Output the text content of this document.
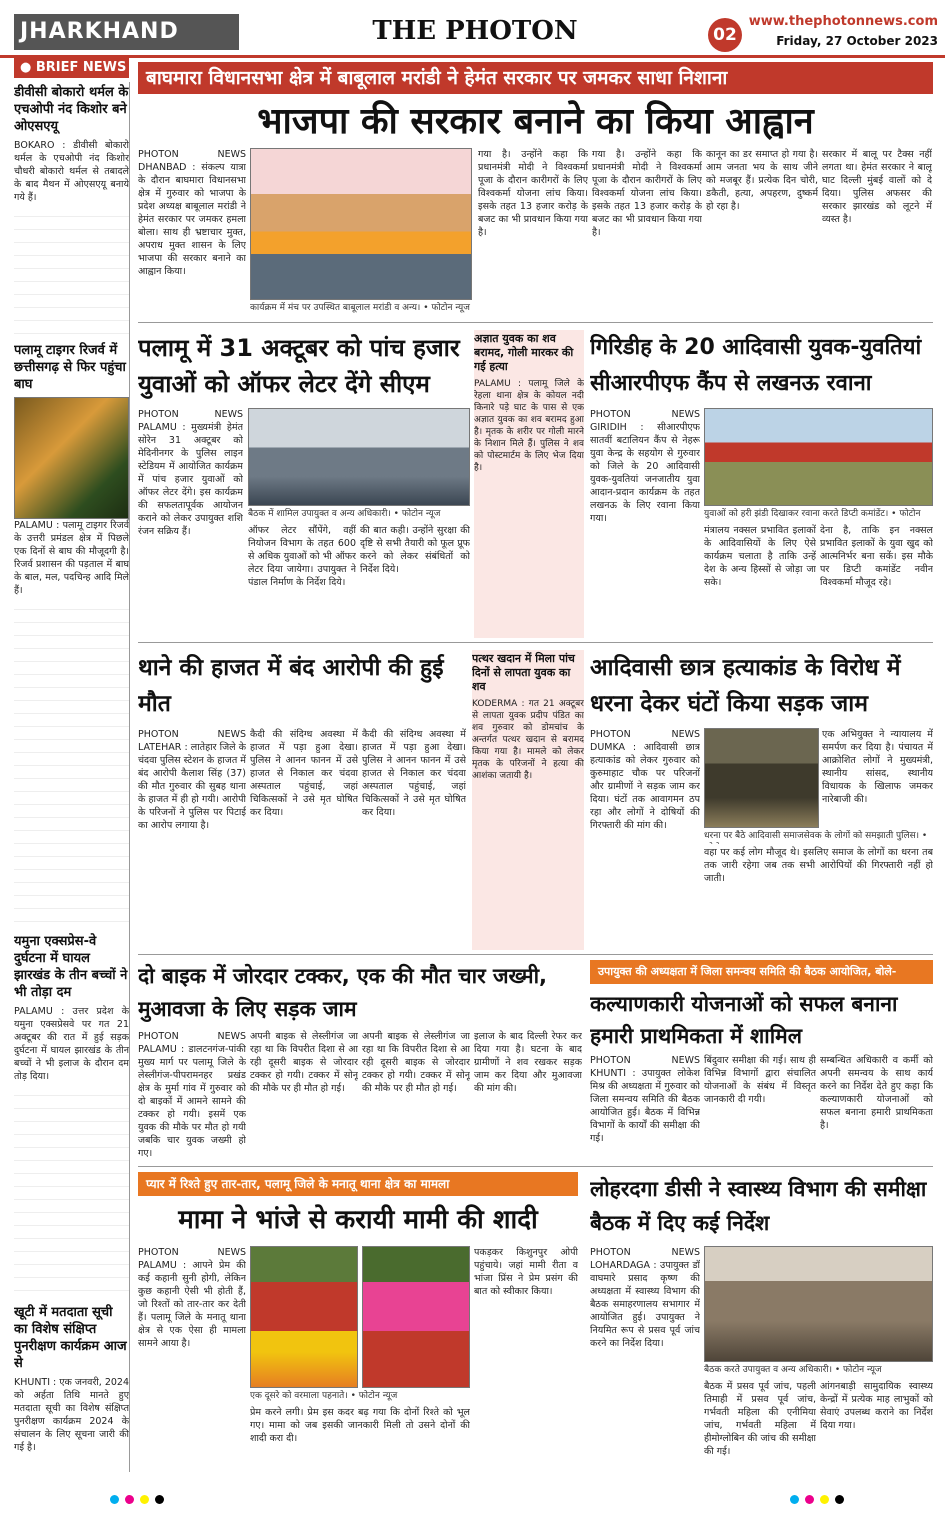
JHARKHAND	THE PHOTON	02
www.thephotonnews.com
Friday, 27 October 2023
● BRIEF NEWS
डीवीसी बोकारो थर्मल के एचओपी नंद किशोर बने ओएसएयू
BOKARO : डीवीसी बोकारो थर्मल के एचओपी नंद किशोर चौधरी बोकारो थर्मल से तबादले के बाद मैथन में ओएसएयू बनाये गये हैं।
पलामू टाइगर रिजर्व में छत्तीसगढ़ से फिर पहुंचा बाघ
PALAMU : पलामू टाइगर रिजर्व के उत्तरी प्रमंडल क्षेत्र में पिछले एक दिनों से बाघ की मौजूदगी है। रिजर्व प्रशासन की पड़ताल में बाघ के बाल, मल, पदचिन्ह आदि मिले हैं।
यमुना एक्सप्रेस-वे दुर्घटना में घायल झारखंड के तीन बच्चों ने भी तोड़ा दम
PALAMU : उत्तर प्रदेश के यमुना एक्सप्रेसवे पर गत 21 अक्टूबर की रात में हुई सड़क दुर्घटना में घायल झारखंड के तीन बच्चों ने भी इलाज के दौरान दम तोड़ दिया।
खूटी में मतदाता सूची का विशेष संक्षिप्त पुनरीक्षण कार्यक्रम आज से
KHUNTI : एक जनवरी, 2024 को अर्हता तिथि मानते हुए मतदाता सूची का विशेष संक्षिप्त पुनरीक्षण कार्यक्रम 2024 के संचालन के लिए सूचना जारी की गई है।
बाघमारा विधानसभा क्षेत्र में बाबूलाल मरांडी ने हेमंत सरकार पर जमकर साधा निशाना
भाजपा की सरकार बनाने का किया आह्वान
PHOTON NEWS DHANBAD : संकल्प यात्रा के दौरान बाघमारा विधानसभा क्षेत्र में गुरुवार को भाजपा के प्रदेश अध्यक्ष बाबूलाल मरांडी ने हेमंत सरकार पर जमकर हमला बोला। साथ ही भ्रष्टाचार मुक्त, अपराध मुक्त शासन के लिए भाजपा की सरकार बनाने का आह्वान किया।
कार्यक्रम में मंच पर उपस्थित बाबूलाल मरांडी व अन्य। • फोटोन न्यूज
गया है। उन्होंने कहा कि प्रधानमंत्री मोदी ने विश्वकर्मा पूजा के दौरान कारीगरों के लिए विश्वकर्मा योजना लांच किया। इसके तहत 13 हजार करोड़ के बजट का भी प्रावधान किया गया है।
गया है। उन्होंने कहा कि प्रधानमंत्री मोदी ने विश्वकर्मा पूजा के दौरान कारीगरों के लिए विश्वकर्मा योजना लांच किया। इसके तहत 13 हजार करोड़ के बजट का भी प्रावधान किया गया है।
कानून का डर समाप्त हो गया है। आम जनता भय के साथ जीने को मजबूर हैं। प्रत्येक दिन चोरी, डकैती, हत्या, अपहरण, दुष्कर्म हो रहा है।
सरकार में बालू पर टैक्स नहीं लगता था। हेमंत सरकार ने बालू घाट दिल्ली मुंबई वालों को दे दिया। पुलिस अफसर की सरकार झारखंड को लूटने में व्यस्त है।
पलामू में 31 अक्टूबर को पांच हजार युवाओं को ऑफर लेटर देंगे सीएम
PHOTON NEWS PALAMU : मुख्यमंत्री हेमंत सोरेन 31 अक्टूबर को मेदिनीनगर के पुलिस लाइन स्टेडियम में आयोजित कार्यक्रम में पांच हजार युवाओं को ऑफर लेटर देंगे। इस कार्यक्रम की सफलतापूर्वक आयोजन कराने को लेकर उपायुक्त शशि रंजन सक्रिय हैं।
बैठक में शामिल उपायुक्त व अन्य अधिकारी। • फोटोन न्यूज
ऑफर लेटर सौंपेंगे, वहीं नियोजन विभाग के तहत 600 से अधिक युवाओं को भी ऑफर लेटर दिया जायेगा। उपायुक्त ने पंडाल निर्माण के निर्देश दिये।
की बात कही। उन्होंने सुरक्षा की दृष्टि से सभी तैयारी को फूल प्रूफ करने को लेकर संबंधितों को निर्देश दिये।
अज्ञात युवक का शव बरामद, गोली मारकर की गई हत्या
PALAMU : पलामू जिले के रेहला थाना क्षेत्र के कोयल नदी किनारे पड़े घाट के पास से एक अज्ञात युवक का शव बरामद हुआ है। मृतक के शरीर पर गोली मारने के निशान मिले हैं। पुलिस ने शव को पोस्टमार्टम के लिए भेज दिया है।
गिरिडीह के 20 आदिवासी युवक-युवतियां सीआरपीएफ कैंप से लखनऊ रवाना
PHOTON NEWS GIRIDIH : सीआरपीएफ सातवीं बटालियन कैंप से नेहरू युवा केन्द्र के सहयोग से गुरुवार को जिले के 20 आदिवासी युवक-युवतियां जनजातीय युवा आदान-प्रदान कार्यक्रम के तहत लखनऊ के लिए रवाना किया गया।	युवाओं को हरी झंडी दिखाकर रवाना करते डिप्टी कमांडेंट। • फोटोन
मंत्रालय नक्सल प्रभावित इलाकों के आदिवासियों के लिए ऐसे कार्यक्रम चलाता है ताकि उन्हें देश के अन्य हिस्सों से जोड़ा जा सके।
देना है, ताकि इन नक्सल प्रभावित इलाकों के युवा खुद को आत्मनिर्भर बना सकें। इस मौके पर डिप्टी कमांडेंट नवीन विश्वकर्मा मौजूद रहे।
थाने की हाजत में बंद आरोपी की हुई मौत
PHOTON NEWS LATEHAR : लातेहार जिले के चंदवा पुलिस स्टेशन के हाजत में बंद आरोपी कैलाश सिंह (37) की मौत गुरुवार की सुबह थाना के हाजत में ही हो गयी। आरोपी के परिजनों ने पुलिस पर पिटाई का आरोप लगाया है।
कैदी की संदिग्ध अवस्था में हाजत में पड़ा हुआ देखा। पुलिस ने आनन फानन में उसे हाजत से निकाल कर चंदवा अस्पताल पहुंचाई, जहां चिकित्सकों ने उसे मृत घोषित कर दिया।
कैदी की संदिग्ध अवस्था में हाजत में पड़ा हुआ देखा। पुलिस ने आनन फानन में उसे हाजत से निकाल कर चंदवा अस्पताल पहुंचाई, जहां चिकित्सकों ने उसे मृत घोषित कर दिया।
पत्थर खदान में मिला पांच दिनों से लापता युवक का शव
KODERMA : गत 21 अक्टूबर से लापता युवक प्रदीप पंडित का शव गुरुवार को डोमचांच के अन्तर्गत पत्थर खदान से बरामद किया गया है। मामले को लेकर मृतक के परिजनों ने हत्या की आशंका जतायी है।
आदिवासी छात्र हत्याकांड के विरोध में धरना देकर घंटों किया सड़क जाम
PHOTON NEWS DUMKA : आदिवासी छात्र हत्याकांड को लेकर गुरुवार को कुरुमाहाट चौक पर परिजनों और ग्रामीणों ने सड़क जाम कर दिया। घंटों तक आवागमन ठप रहा और लोगों ने दोषियों की गिरफ्तारी की मांग की।
धरना पर बैठे आदिवासी समाजसेवक के लोगों को समझाती पुलिस। •
एक अभियुक्त ने न्यायालय में समर्पण कर दिया है। पंचायत में आक्रोशित लोगों ने मुख्यमंत्री, स्थानीय सांसद, स्थानीय विधायक के खिलाफ जमकर नारेबाजी की।
वहा पर कई लोग मौजूद थे। इसलिए समाज के लोगों का धरना तब तक जारी रहेगा जब तक सभी आरोपियों की गिरफ्तारी नहीं हो जाती।
दो बाइक में जोरदार टक्कर, एक की मौत चार जख्मी, मुआवजा के लिए सड़क जाम
PHOTON NEWS PALAMU : डालटनगंज-पांकी मुख्य मार्ग पर पलामू जिले के लेस्लीगंज-पीपरामनहर प्रखंड क्षेत्र के मुर्मा गांव में गुरुवार को दो बाइकों में आमने सामने की टक्कर हो गयी। इसमें एक युवक की मौके पर मौत हो गयी जबकि चार युवक जख्मी हो गए।
अपनी बाइक से लेस्लीगंज जा रहा था कि विपरीत दिशा से आ रही दूसरी बाइक से जोरदार टक्कर हो गयी। टक्कर में सोनू की मौके पर ही मौत हो गई।
अपनी बाइक से लेस्लीगंज जा रहा था कि विपरीत दिशा से आ रही दूसरी बाइक से जोरदार टक्कर हो गयी। टक्कर में सोनू की मौके पर ही मौत हो गई।
इलाज के बाद दिल्ली रेफर कर दिया गया है। घटना के बाद ग्रामीणों ने शव रखकर सड़क जाम कर दिया और मुआवजा की मांग की।
उपायुक्त की अध्यक्षता में जिला समन्वय समिति की बैठक आयोजित, बोले-
कल्याणकारी योजनाओं को सफल बनाना हमारी प्राथमिकता में शामिल
PHOTON NEWS KHUNTI : उपायुक्त लोकेश मिश्र की अध्यक्षता में गुरुवार को जिला समन्वय समिति की बैठक आयोजित हुई। बैठक में विभिन्न विभागों के कार्यों की समीक्षा की गई।
बिंदुवार समीक्षा की गई। साथ ही विभिन्न विभागों द्वारा संचालित योजनाओं के संबंध में विस्तृत जानकारी दी गयी।
सम्बन्धित अधिकारी व कर्मी को अपनी समन्वय के साथ कार्य करने का निर्देश देते हुए कहा कि कल्याणकारी योजनाओं को सफल बनाना हमारी प्राथमिकता है।
प्यार में रिश्ते हुए तार-तार, पलामू जिले के मनातू थाना क्षेत्र का मामला
मामा ने भांजे से करायी मामी की शादी
PHOTON NEWS PALAMU : आपने प्रेम की कई कहानी सुनी होगी, लेकिन कुछ कहानी ऐसी भी होती हैं, जो रिश्तों को तार-तार कर देती हैं। पलामू जिले के मनातू थाना क्षेत्र से एक ऐसा ही मामला सामने आया है।
एक दूसरे को वरमाला पहनाते। • फोटोन न्यूज
प्रेम करने लगी। प्रेम इस कदर बढ़ गया कि दोनों रिश्ते को भूल गए। मामा को जब इसकी जानकारी मिली तो उसने दोनों की शादी करा दी।
पकड़कर किशुनपुर ओपी पहुंचाये। जहां मामी रीता व भांजा प्रिंस ने प्रेम प्रसंग की बात को स्वीकार किया।
लोहरदगा डीसी ने स्वास्थ्य विभाग की समीक्षा बैठक में दिए कई निर्देश
PHOTON NEWS LOHARDAGA : उपायुक्त डॉ वाघमारे प्रसाद कृष्ण की अध्यक्षता में स्वास्थ्य विभाग की बैठक समाहरणालय सभागार में आयोजित हुई। उपायुक्त ने नियमित रूप से प्रसव पूर्व जांच करने का निर्देश दिया।
बैठक करते उपायुक्त व अन्य अधिकारी। • फोटोन न्यूज
बैठक में प्रसव पूर्व जांच, पहली तिमाही में प्रसव पूर्व जांच, गर्भवती महिला की एनीमिया जांच, गर्भवती महिला में हीमोग्लोबिन की जांच की समीक्षा की गई।
आंगनबाड़ी सामुदायिक स्वास्थ्य केन्द्रों में प्रत्येक माह लाभुकों को सेवाएं उपलब्ध कराने का निर्देश दिया गया।
